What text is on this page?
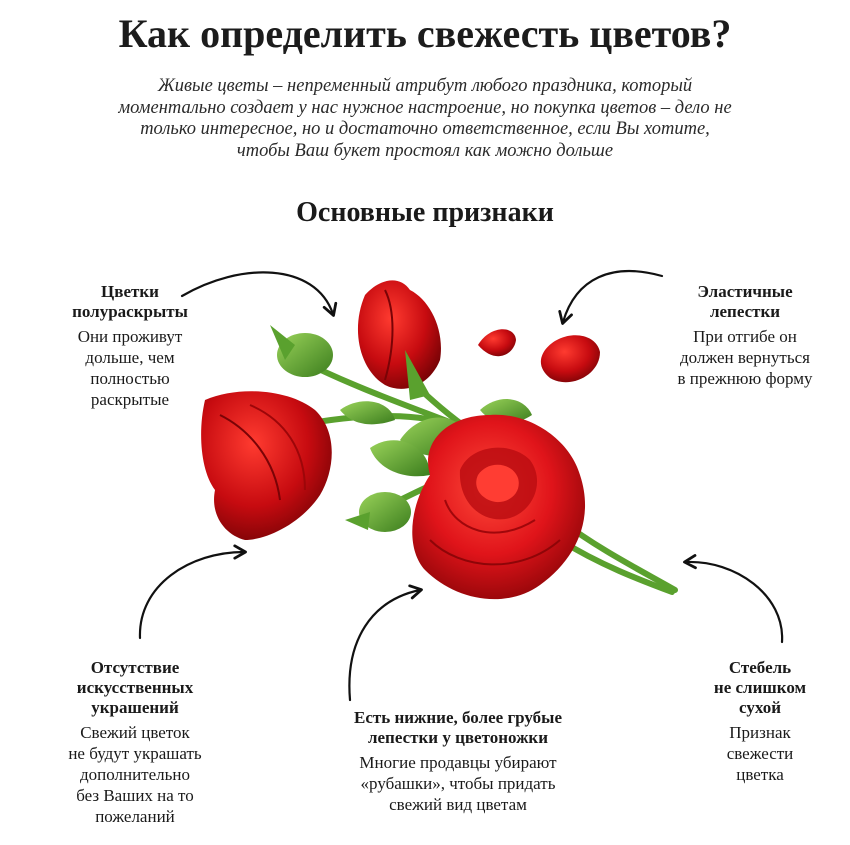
Как определить свежесть цветов?
Живые цветы – непременный атрибут любого праздника, который
моментально создает у нас нужное настроение, но покупка цветов – дело не
только интересное, но и достаточно ответственное, если Вы хотите,
чтобы Ваш букет простоял как можно дольше
Основные признаки
Цветки
полураскрыты
Они проживут
дольше, чем
полностью
раскрытые
Эластичные
лепестки
При отгибе он
должен вернуться
в прежнюю форму
Отсутствие
искусственных
украшений
Свежий цветок
не будут украшать
дополнительно
без Ваших на то
пожеланий
Есть нижние, более грубые
лепестки у цветоножки
Многие продавцы убирают
«рубашки», чтобы придать
свежий вид цветам
Стебель
не слишком
сухой
Признак
свежести
цветка
